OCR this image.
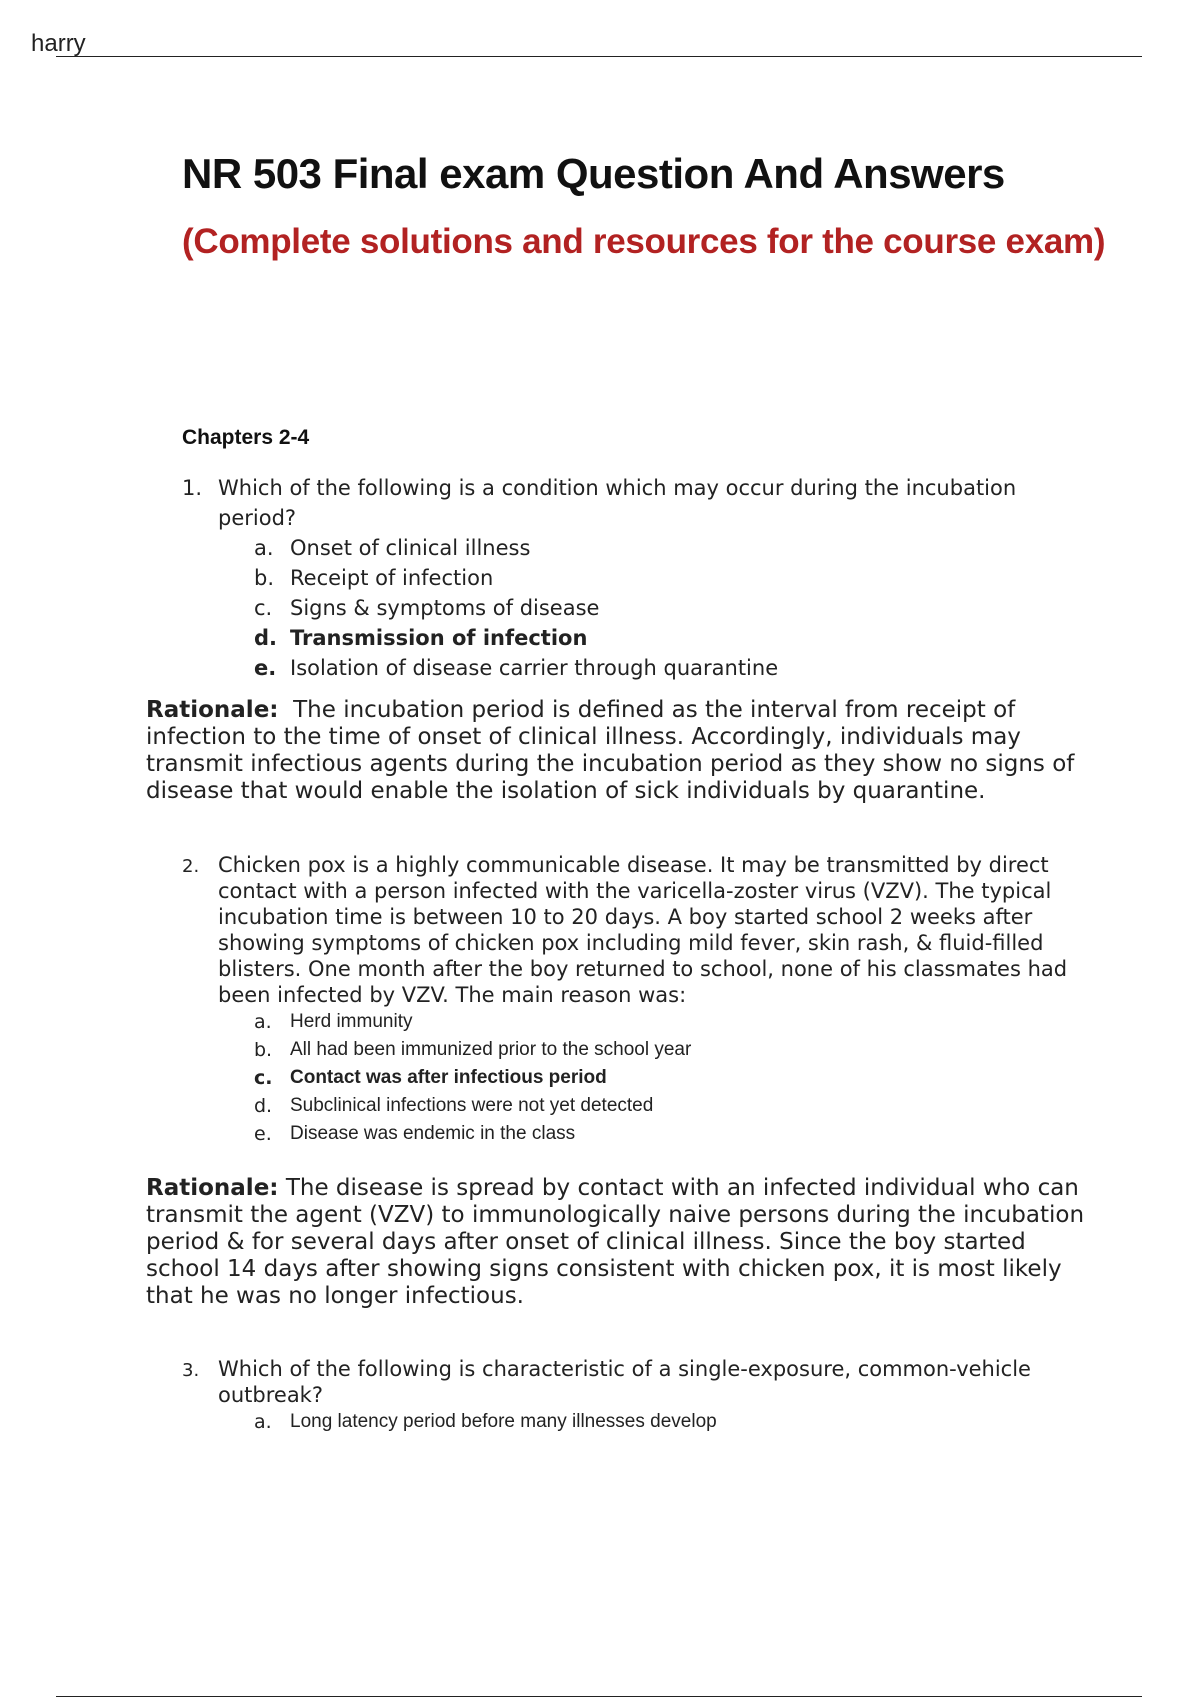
harry
NR 503 Final exam Question And Answers
(Complete solutions and resources for the course exam)
Chapters 2-4
1. Which of the following is a condition which may occur during the incubation period?
a. Onset of clinical illness
b. Receipt of infection
c. Signs & symptoms of disease
d. Transmission of infection
e. Isolation of disease carrier through quarantine

Rationale: The incubation period is defined as the interval from receipt of infection to the time of onset of clinical illness. Accordingly, individuals may transmit infectious agents during the incubation period as they show no signs of disease that would enable the isolation of sick individuals by quarantine.

2. Chicken pox is a highly communicable disease. It may be transmitted by direct contact with a person infected with the varicella-zoster virus (VZV). The typical incubation time is between 10 to 20 days. A boy started school 2 weeks after showing symptoms of chicken pox including mild fever, skin rash, & fluid-filled blisters. One month after the boy returned to school, none of his classmates had been infected by VZV. The main reason was:
a. Herd immunity
b. All had been immunized prior to the school year
c. Contact was after infectious period
d. Subclinical infections were not yet detected
e. Disease was endemic in the class

Rationale: The disease is spread by contact with an infected individual who can transmit the agent (VZV) to immunologically naive persons during the incubation period & for several days after onset of clinical illness. Since the boy started school 14 days after showing signs consistent with chicken pox, it is most likely that he was no longer infectious.

3. Which of the following is characteristic of a single-exposure, common-vehicle outbreak?
a. Long latency period before many illnesses develop
